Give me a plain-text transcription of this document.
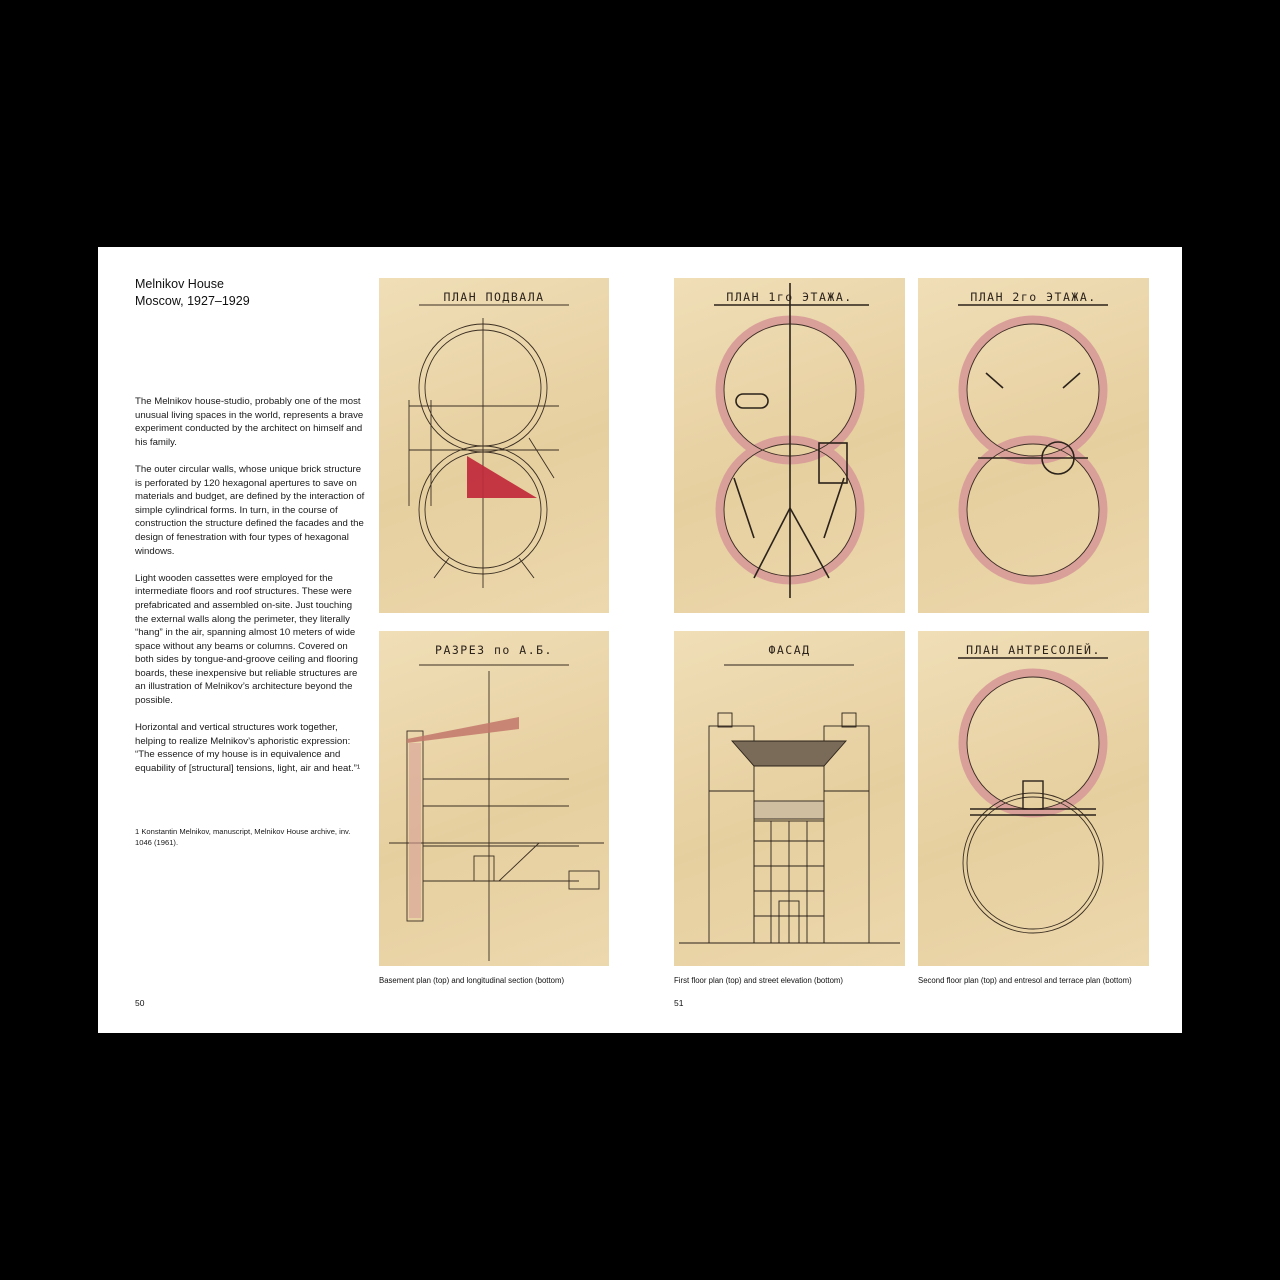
Melnikov House
Moscow, 1927–1929

The Melnikov house-studio, probably one of the most unusual living spaces in the world, represents a brave experiment conducted by the architect on himself and his family.

The outer circular walls, whose unique brick structure is perforated by 120 hexagonal apertures to save on materials and budget, are defined by the interaction of simple cylindrical forms. In turn, in the course of construction the structure defined the facades and the design of fenestration with four types of hexagonal windows.

Light wooden cassettes were employed for the intermediate floors and roof structures. These were prefabricated and assembled on-site. Just touching the external walls along the perimeter, they literally “hang” in the air, spanning almost 10 meters of wide space without any beams or columns. Covered on both sides by tongue-and-groove ceiling and flooring boards, these inexpensive but reliable structures are an illustration of Melnikov’s architecture beyond the possible.

Horizontal and vertical structures work together, helping to realize Melnikov’s aphoristic expression: “The essence of my house is in equivalence and equability of [structural] tensions, light, air and heat.”¹

1 Konstantin Melnikov, manuscript, Melnikov House archive, inv. 1046 (1961).
50	51
ПЛАН ПОДВАЛА
РАЗРЕЗ по А.Б.
ПЛАН 1го ЭТАЖА.
ФАСАД
ПЛАН 2го ЭТАЖА.
ПЛАН АНТРЕСОЛЕЙ.
Basement plan (top) and longitudinal section (bottom)	First floor plan (top) and street elevation (bottom)	Second floor plan (top) and entresol and terrace plan (bottom)
